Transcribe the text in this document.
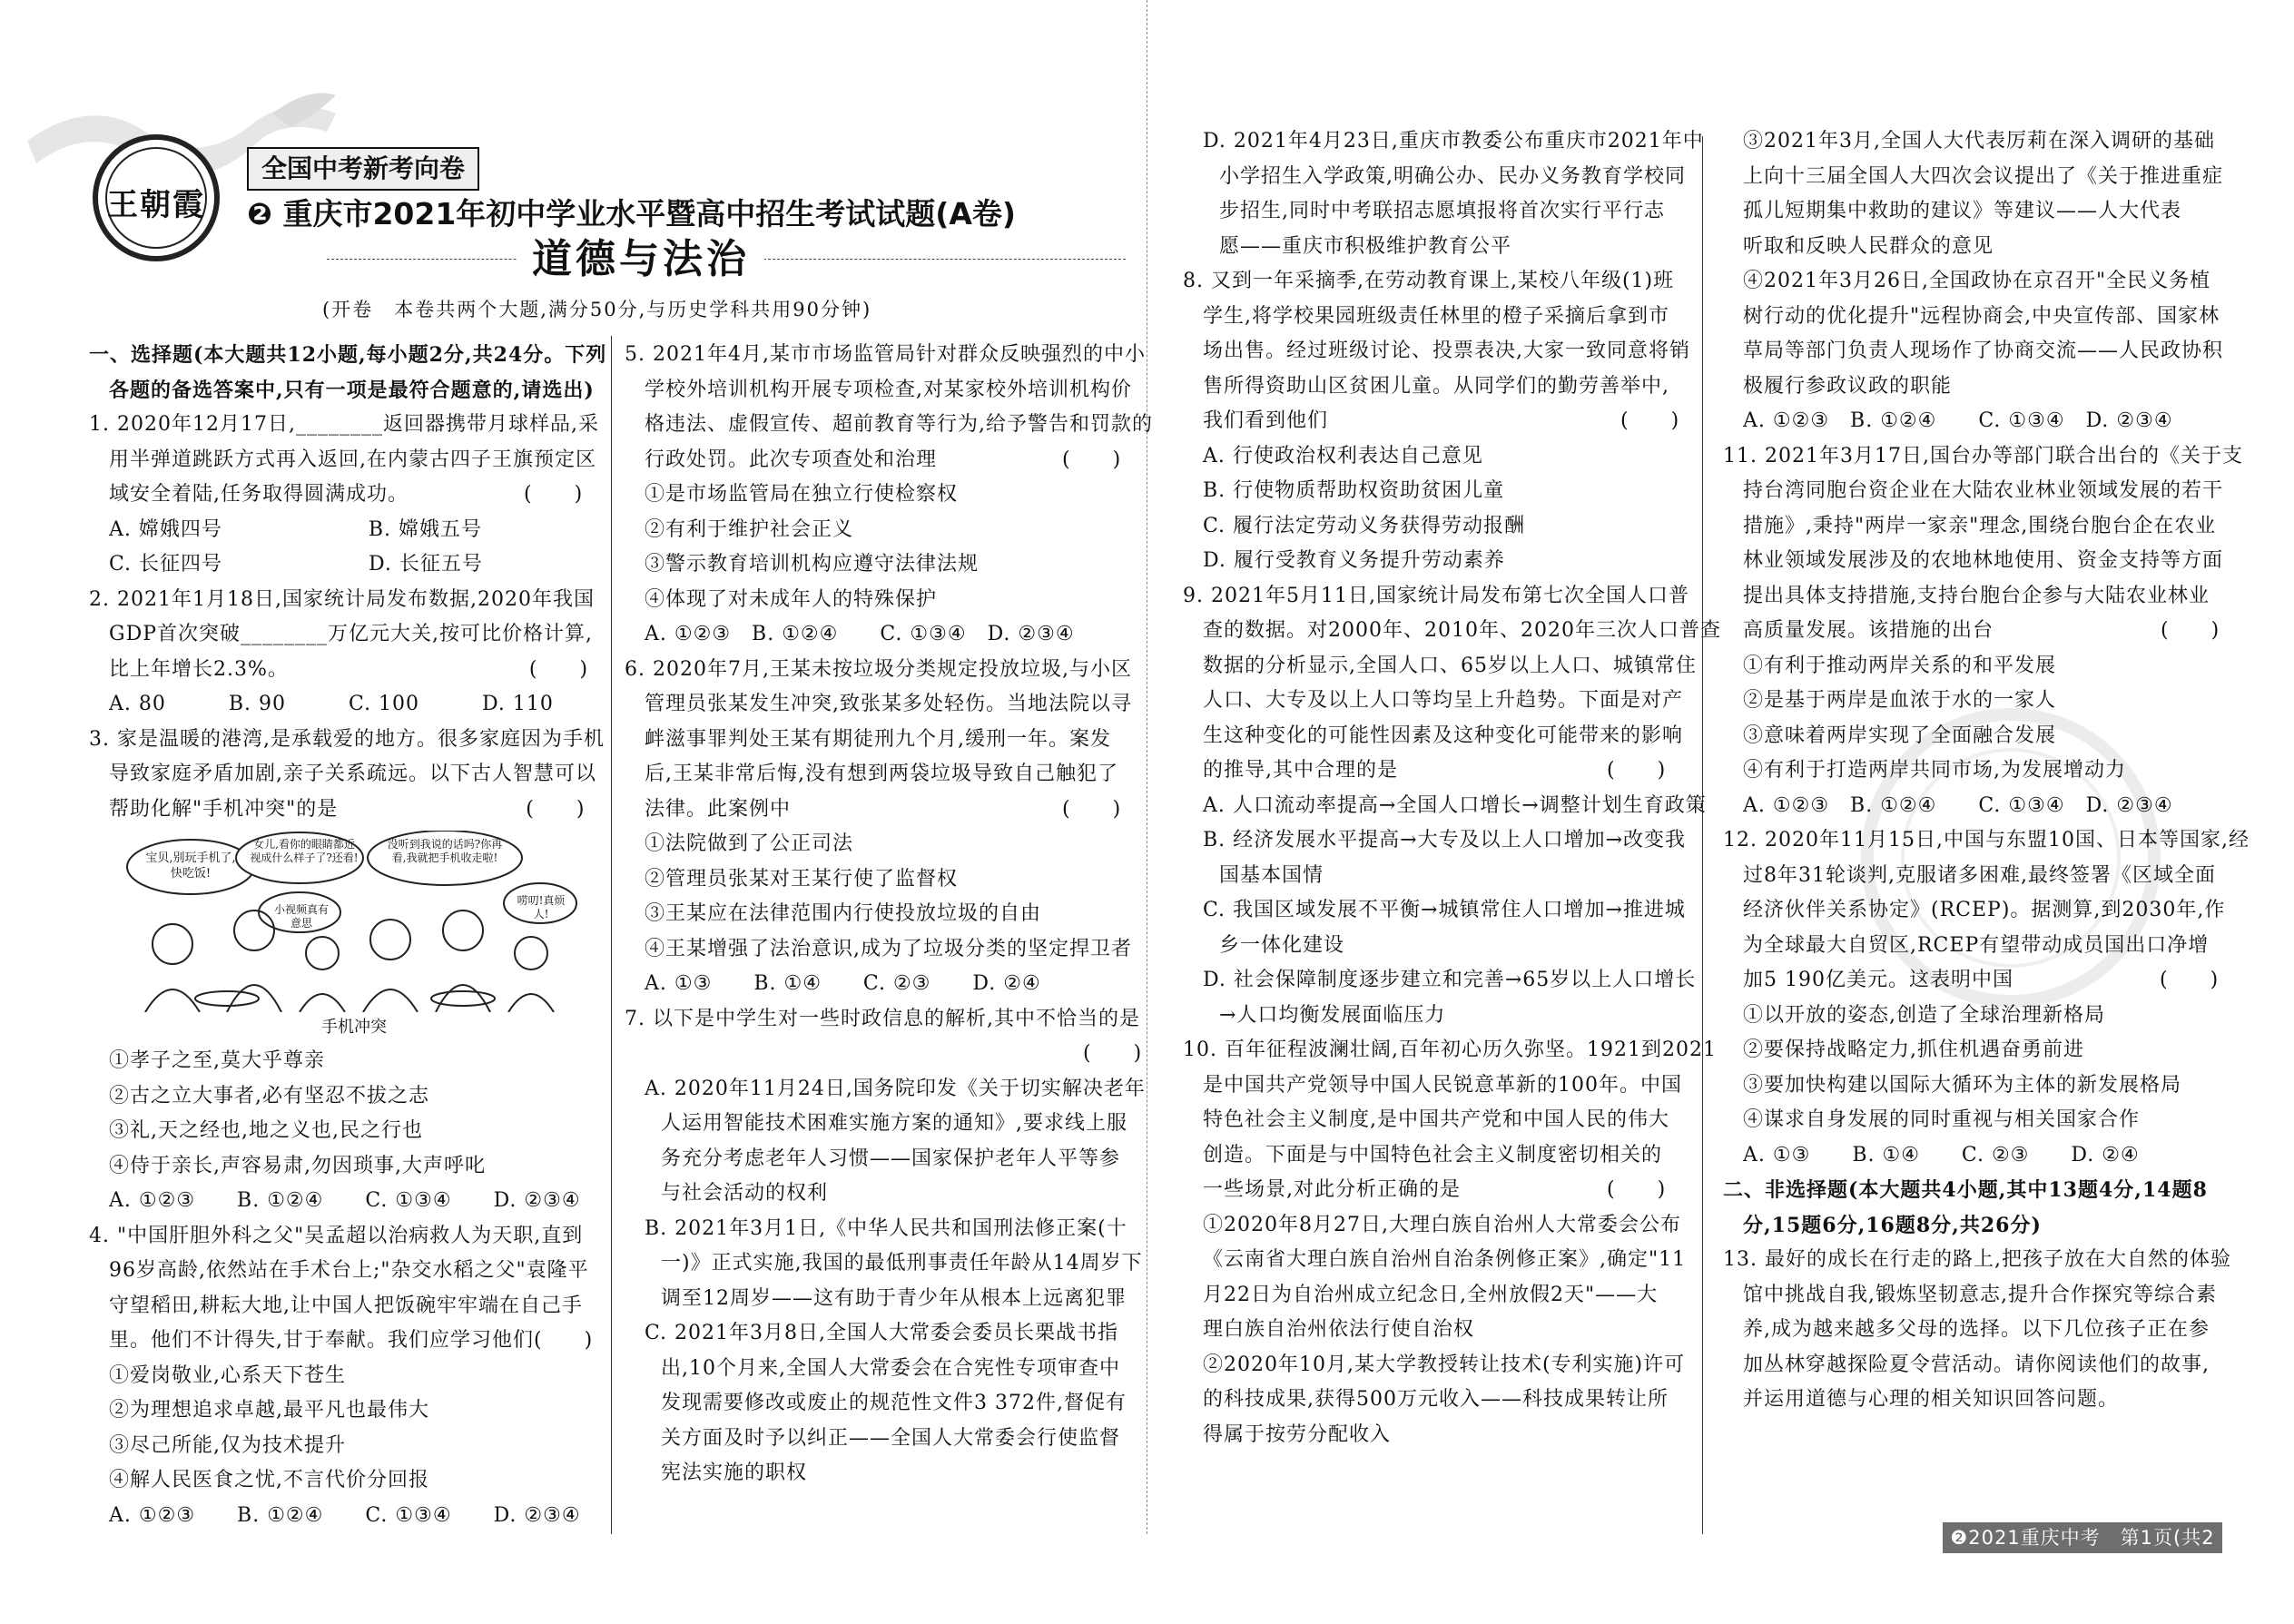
王朝霞
全国中考新考向卷
❷ 重庆市2021年初中学业水平暨高中招生考试试题(A卷)
道德与法治
(开卷　本卷共两个大题,满分50分,与历史学科共用90分钟)

一、选择题(本大题共12小题,每小题2分,共24分。下列

各题的备选答案中,只有一项是最符合题意的,请选出)

1. 2020年12月17日,________返回器携带月球样品,采

用半弹道跳跃方式再入返回,在内蒙古四子王旗预定区

域安全着陆,任务取得圆满成功。　　　　　　(　　)

A. 嫦娥四号　　　　　　　B. 嫦娥五号

C. 长征四号　　　　　　　D. 长征五号

2. 2021年1月18日,国家统计局发布数据,2020年我国

GDP首次突破________万亿元大关,按可比价格计算,

比上年增长2.3%。　　　　　　　　　　　　(　　)

A. 80　　　B. 90　　　C. 100　　　D. 110

3. 家是温暖的港湾,是承载爱的地方。很多家庭因为手机

导致家庭矛盾加剧,亲子关系疏远。以下古人智慧可以

帮助化解"手机冲突"的是　　　　　　　　　(　　)

宝贝,别玩手机了,快吃饭!
女儿,看你的眼睛都近视成什么样子了?还看!
小视频真有意思
没听到我说的话吗?你再看,我就把手机收走啦!
唠叨!真烦人!
手机冲突

①孝子之至,莫大乎尊亲

②古之立大事者,必有坚忍不拔之志

③礼,天之经也,地之义也,民之行也

④侍于亲长,声容易肃,勿因琐事,大声呼叱

A. ①②③　　B. ①②④　　C. ①③④　　D. ②③④

4. "中国肝胆外科之父"吴孟超以治病救人为天职,直到

96岁高龄,依然站在手术台上;"杂交水稻之父"袁隆平

守望稻田,耕耘大地,让中国人把饭碗牢牢端在自己手

里。他们不计得失,甘于奉献。我们应学习他们(　　)

①爱岗敬业,心系天下苍生

②为理想追求卓越,最平凡也最伟大

③尽己所能,仅为技术提升

④解人民医食之忧,不言代价分回报

A. ①②③　　B. ①②④　　C. ①③④　　D. ②③④

5. 2021年4月,某市市场监管局针对群众反映强烈的中小

学校外培训机构开展专项检查,对某家校外培训机构价

格违法、虚假宣传、超前教育等行为,给予警告和罚款的

行政处罚。此次专项查处和治理　　　　　　(　　)

①是市场监管局在独立行使检察权

②有利于维护社会正义

③警示教育培训机构应遵守法律法规

④体现了对未成年人的特殊保护

A. ①②③　B. ①②④　　C. ①③④　D. ②③④

6. 2020年7月,王某未按垃圾分类规定投放垃圾,与小区

管理员张某发生冲突,致张某多处轻伤。当地法院以寻

衅滋事罪判处王某有期徒刑九个月,缓刑一年。案发

后,王某非常后悔,没有想到两袋垃圾导致自己触犯了

法律。此案例中　　　　　　　　　　　　　(　　)

①法院做到了公正司法

②管理员张某对王某行使了监督权

③王某应在法律范围内行使投放垃圾的自由

④王某增强了法治意识,成为了垃圾分类的坚定捍卫者

A. ①③　　B. ①④　　C. ②③　　D. ②④

7. 以下是中学生对一些时政信息的解析,其中不恰当的是

　　　　　　　　　　　　　　　　　　　　　(　　)

A. 2020年11月24日,国务院印发《关于切实解决老年

人运用智能技术困难实施方案的通知》,要求线上服

务充分考虑老年人习惯——国家保护老年人平等参

与社会活动的权利

B. 2021年3月1日,《中华人民共和国刑法修正案(十

一)》正式实施,我国的最低刑事责任年龄从14周岁下

调至12周岁——这有助于青少年从根本上远离犯罪

C. 2021年3月8日,全国人大常委会委员长栗战书指

出,10个月来,全国人大常委会在合宪性专项审查中

发现需要修改或废止的规范性文件3 372件,督促有

关方面及时予以纠正——全国人大常委会行使监督

宪法实施的职权

D. 2021年4月23日,重庆市教委公布重庆市2021年中

小学招生入学政策,明确公办、民办义务教育学校同

步招生,同时中考联招志愿填报将首次实行平行志

愿——重庆市积极维护教育公平

8. 又到一年采摘季,在劳动教育课上,某校八年级(1)班

学生,将学校果园班级责任林里的橙子采摘后拿到市

场出售。经过班级讨论、投票表决,大家一致同意将销

售所得资助山区贫困儿童。从同学们的勤劳善举中,

我们看到他们　　　　　　　　　　　　　　(　　)

A. 行使政治权利表达自己意见

B. 行使物质帮助权资助贫困儿童

C. 履行法定劳动义务获得劳动报酬

D. 履行受教育义务提升劳动素养

9. 2021年5月11日,国家统计局发布第七次全国人口普

查的数据。对2000年、2010年、2020年三次人口普查

数据的分析显示,全国人口、65岁以上人口、城镇常住

人口、大专及以上人口等均呈上升趋势。下面是对产

生这种变化的可能性因素及这种变化可能带来的影响

的推导,其中合理的是　　　　　　　　　　(　　)

A. 人口流动率提高→全国人口增长→调整计划生育政策

B. 经济发展水平提高→大专及以上人口增加→改变我

国基本国情

C. 我国区域发展不平衡→城镇常住人口增加→推进城

乡一体化建设

D. 社会保障制度逐步建立和完善→65岁以上人口增长

→人口均衡发展面临压力

10. 百年征程波澜壮阔,百年初心历久弥坚。1921到2021

是中国共产党领导中国人民锐意革新的100年。中国

特色社会主义制度,是中国共产党和中国人民的伟大

创造。下面是与中国特色社会主义制度密切相关的

一些场景,对此分析正确的是　　　　　　　(　　)

①2020年8月27日,大理白族自治州人大常委会公布

《云南省大理白族自治州自治条例修正案》,确定"11

月22日为自治州成立纪念日,全州放假2天"——大

理白族自治州依法行使自治权

②2020年10月,某大学教授转让技术(专利实施)许可

的科技成果,获得500万元收入——科技成果转让所

得属于按劳分配收入

③2021年3月,全国人大代表厉莉在深入调研的基础

上向十三届全国人大四次会议提出了《关于推进重症

孤儿短期集中救助的建议》等建议——人大代表

听取和反映人民群众的意见

④2021年3月26日,全国政协在京召开"全民义务植

树行动的优化提升"远程协商会,中央宣传部、国家林

草局等部门负责人现场作了协商交流——人民政协积

极履行参政议政的职能

A. ①②③　B. ①②④　　C. ①③④　D. ②③④

11. 2021年3月17日,国台办等部门联合出台的《关于支

持台湾同胞台资企业在大陆农业林业领域发展的若干

措施》,秉持"两岸一家亲"理念,围绕台胞台企在农业

林业领域发展涉及的农地林地使用、资金支持等方面

提出具体支持措施,支持台胞台企参与大陆农业林业

高质量发展。该措施的出台　　　　　　　　(　　)

①有利于推动两岸关系的和平发展

②是基于两岸是血浓于水的一家人

③意味着两岸实现了全面融合发展

④有利于打造两岸共同市场,为发展增动力

A. ①②③　B. ①②④　　C. ①③④　D. ②③④

12. 2020年11月15日,中国与东盟10国、日本等国家,经

过8年31轮谈判,克服诸多困难,最终签署《区域全面

经济伙伴关系协定》(RCEP)。据测算,到2030年,作

为全球最大自贸区,RCEP有望带动成员国出口净增

加5 190亿美元。这表明中国　　　　　　　(　　)

①以开放的姿态,创造了全球治理新格局

②要保持战略定力,抓住机遇奋勇前进

③要加快构建以国际大循环为主体的新发展格局

④谋求自身发展的同时重视与相关国家合作

A. ①③　　B. ①④　　C. ②③　　D. ②④

二、非选择题(本大题共4小题,其中13题4分,14题8

分,15题6分,16题8分,共26分)

13. 最好的成长在行走的路上,把孩子放在大自然的体验

馆中挑战自我,锻炼坚韧意志,提升合作探究等综合素

养,成为越来越多父母的选择。以下几位孩子正在参

加丛林穿越探险夏令营活动。请你阅读他们的故事,

并运用道德与心理的相关知识回答问题。

❷2021重庆中考　第1页(共2页)
